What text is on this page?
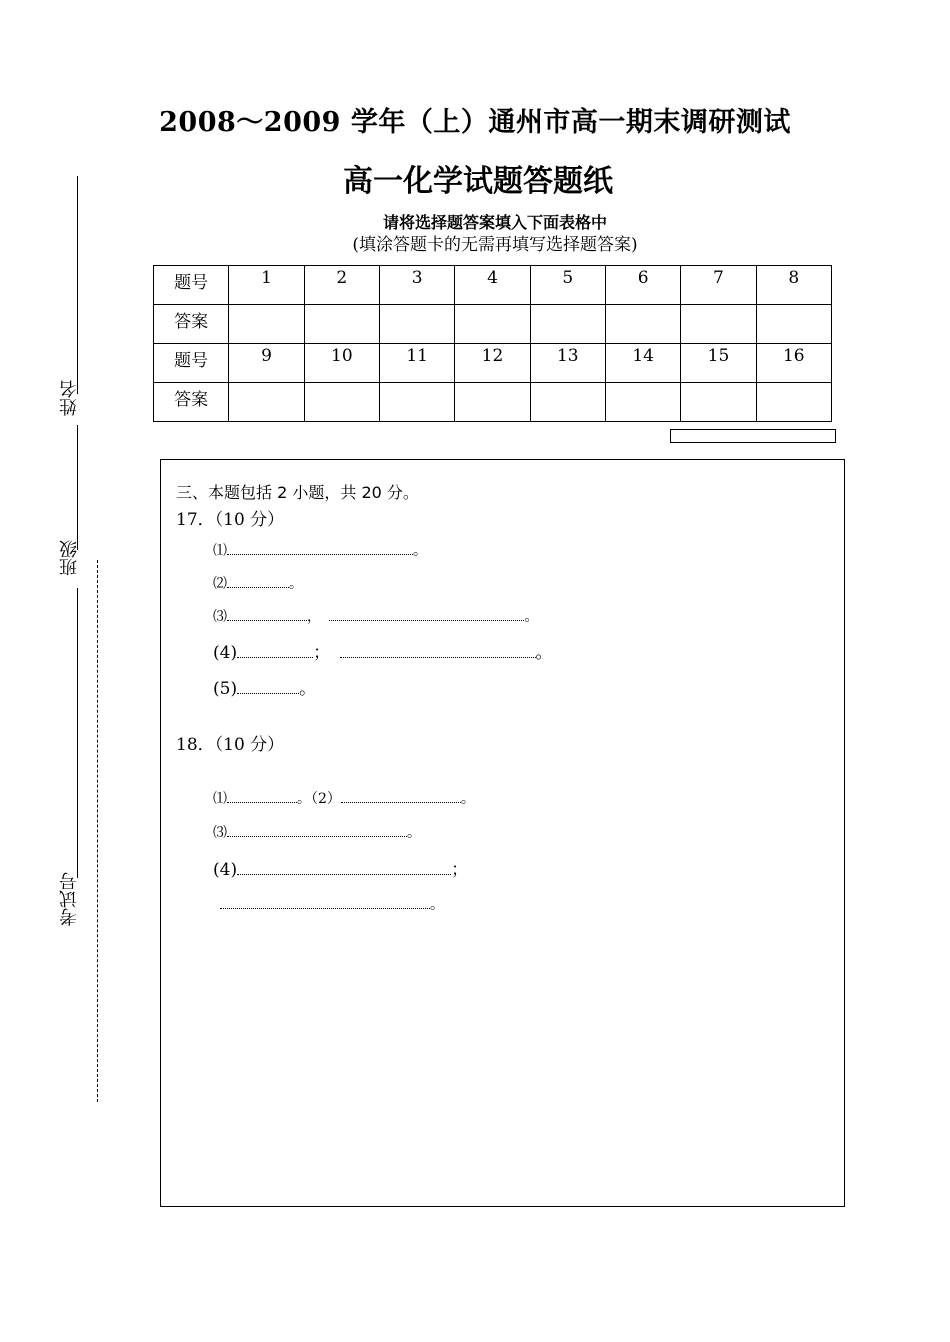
2008～2009 学年（上）通州市高一期末调研测试
高一化学试题答题纸
请将选择题答案填入下面表格中
(填涂答题卡的无需再填写选择题答案)
题号	1	2	3	4	5	6	7	8
答案								
题号	9	10	11	12	13	14	15	16
答案								
三、本题包括 2 小题，共 20 分。
17．（10 分）
⑴	。
⑵	。
⑶	，	。
(4)	；	。
(5)	。
18．（10 分）
⑴	。（2）	。
⑶	。
(4)	；
。
姓名
班级
考试号
